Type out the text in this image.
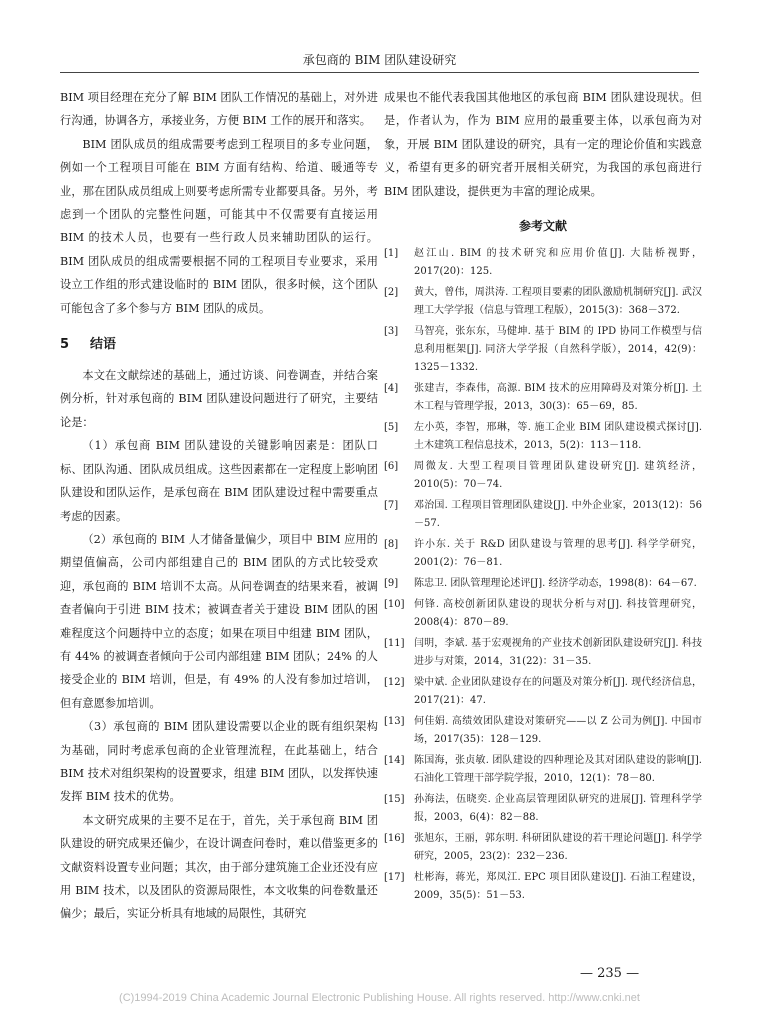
承包商的 BIM 团队建设研究

BIM 项目经理在充分了解 BIM 团队工作情况的基础上，对外进行沟通，协调各方，承接业务，方便 BIM 工作的展开和落实。

BIM 团队成员的组成需要考虑到工程项目的多专业问题，例如一个工程项目可能在 BIM 方面有结构、给道、暖通等专业，那在团队成员组成上则要考虑所需专业都要具备。另外，考虑到一个团队的完整性问题，可能其中不仅需要有直接运用 BIM 的技术人员，也要有一些行政人员来辅助团队的运行。BIM 团队成员的组成需要根据不同的工程项目专业要求，采用设立工作组的形式建设临时的 BIM 团队，很多时候，这个团队可能包含了多个参与方 BIM 团队的成员。

5 结语

本文在文献综述的基础上，通过访谈、问卷调查，并结合案例分析，针对承包商的 BIM 团队建设问题进行了研究，主要结论是：

（1）承包商 BIM 团队建设的关键影响因素是：团队口标、团队沟通、团队成员组成。这些因素都在一定程度上影响团队建设和团队运作，是承包商在 BIM 团队建设过程中需要重点考虑的因素。

（2）承包商的 BIM 人才储备量偏少，项目中 BIM 应用的期望值偏高，公司内部组建自己的 BIM 团队的方式比较受欢迎，承包商的 BIM 培训不太高。从问卷调查的结果来看，被调查者偏向于引进 BIM 技术；被调查者关于建设 BIM 团队的困难程度这个问题持中立的态度；如果在项目中组建 BIM 团队，有 44% 的被调查者倾向于公司内部组建 BIM 团队；24% 的人接受企业的 BIM 培训，但是，有 49% 的人没有参加过培训，但有意愿参加培训。

（3）承包商的 BIM 团队建设需要以企业的既有组织架构为基础，同时考虑承包商的企业管理流程，在此基础上，结合 BIM 技术对组织架构的设置要求，组建 BIM 团队，以发挥快速发挥 BIM 技术的优势。

本文研究成果的主要不足在于，首先，关于承包商 BIM 团队建设的研究成果还偏少，在设计调查问卷时，难以借鉴更多的文献资料设置专业问题；其次，由于部分建筑施工企业还没有应用 BIM 技术，以及团队的资源局限性，本文收集的问卷数量还偏少；最后，实证分析具有地域的局限性，其研究

成果也不能代表我国其他地区的承包商 BIM 团队建设现状。但是，作者认为，作为 BIM 应用的最重要主体，以承包商为对象，开展 BIM 团队建设的研究，具有一定的理论价值和实践意义，希望有更多的研究者开展相关研究，为我国的承包商进行 BIM 团队建设，提供更为丰富的理论成果。

参考文献
[1]	赵江山. BIM 的技术研究和应用价值[J]. 大陆桥视野，2017(20)：125.
[2]	黄大，曾伟，周洪涛. 工程项目要素的团队激励机制研究[J]. 武汉理工大学学报（信息与管理工程版），2015(3)：368－372.
[3]	马智亮，张东东，马健坤. 基于 BIM 的 IPD 协同工作模型与信息利用框架[J]. 同济大学学报（自然科学版），2014，42(9)：1325－1332.
[4]	张建吉，李森伟，高源. BIM 技术的应用障碍及对策分析[J]. 土木工程与管理学报，2013，30(3)：65－69，85.
[5]	左小英，李智，邢琳，等. 施工企业 BIM 团队建设模式探讨[J]. 土木建筑工程信息技术，2013，5(2)：113－118.
[6]	周微友. 大型工程项目管理团队建设研究[J]. 建筑经济，2010(5)：70－74.
[7]	邓治国. 工程项目管理团队建设[J]. 中外企业家，2013(12)：56－57.
[8]	许小东. 关于 R&D 团队建设与管理的思考[J]. 科学学研究，2001(2)：76－81.
[9]	陈忠卫. 团队管理理论述评[J]. 经济学动态，1998(8)：64－67.
[10] 何锋. 高校创新团队建设的现状分析与对[J]. 科技管理研究，2008(4)：870－89.
[11] 闫明，李斌. 基于宏观视角的产业技术创新团队建设研究[J]. 科技进步与对策，2014，31(22)：31－35.
[12] 梁中斌. 企业团队建设存在的问题及对策分析[J]. 现代经济信息，2017(21)：47.
[13] 何佳娟. 高绩效团队建设对策研究——以 Z 公司为例[J]. 中国市场，2017(35)：128－129.
[14] 陈国海，张贞敏. 团队建设的四种理论及其对团队建设的影响[J]. 石油化工管理干部学院学报，2010，12(1)：78－80.
[15] 孙海法，伍晓奕. 企业高层管理团队研究的进展[J]. 管理科学学报，2003，6(4)：82－88.
[16] 张旭东，王丽，郭东明. 科研团队建设的若干理论问题[J]. 科学学研究，2005，23(2)：232－236.
[17] 杜彬海，蒋光，郑凤江. EPC 项目团队建设[J]. 石油工程建设，2009，35(5)：51－53.
— 235 —
(C)1994-2019 China Academic Journal Electronic Publishing House. All rights reserved. http://www.cnki.net
